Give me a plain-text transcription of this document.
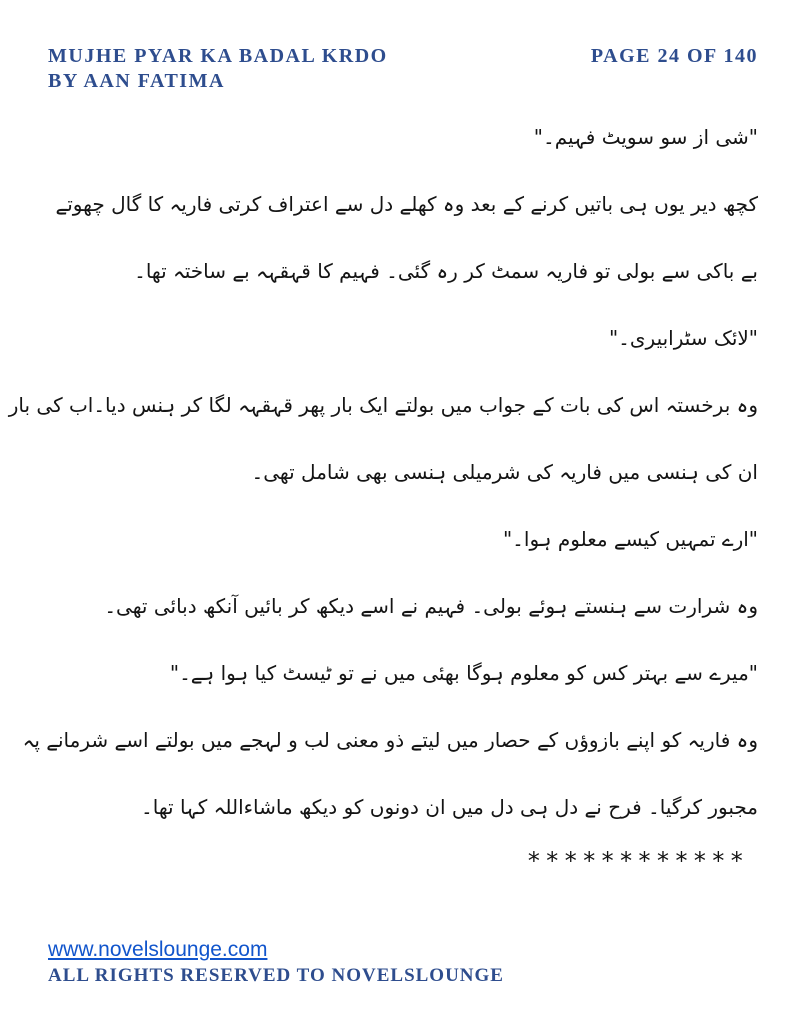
MUJHE PYAR KA BADAL KRDO
BY AAN FATIMA
PAGE 24 OF 140
"شی از سو سویٹ فہیم۔"
کچھ دیر یوں ہی باتیں کرنے کے بعد وہ کھلے دل سے اعتراف کرتی فاریہ کا گال چھوتے
بے باکی سے بولی تو فاریہ سمٹ کر رہ گئی۔ فہیم کا قہقہہ بے ساختہ تھا۔
"لائک سٹرابیری۔"
وہ برخستہ اس کی بات کے جواب میں بولتے ایک بار پھر قہقہہ لگا کر ہنس دیا۔اب کی بار
ان کی ہنسی میں فاریہ کی شرمیلی ہنسی بھی شامل تھی۔
"ارے تمہیں کیسے معلوم ہوا۔"
وہ شرارت سے ہنستے ہوئے بولی۔ فہیم نے اسے دیکھ کر بائیں آنکھ دبائی تھی۔
"میرے سے بہتر کس کو معلوم ہوگا بھئی میں نے تو ٹیسٹ کیا ہوا ہے۔"
وہ فاریہ کو اپنے بازوؤں کے حصار میں لیتے ذو معنی لب و لہجے میں بولتے اسے شرمانے پہ
مجبور کرگیا۔ فرح نے دل ہی دل میں ان دونوں کو دیکھ ماشاءاللہ کہا تھا۔
************
www.novelslounge.com
ALL RIGHTS RESERVED TO NOVELSLOUNGE
